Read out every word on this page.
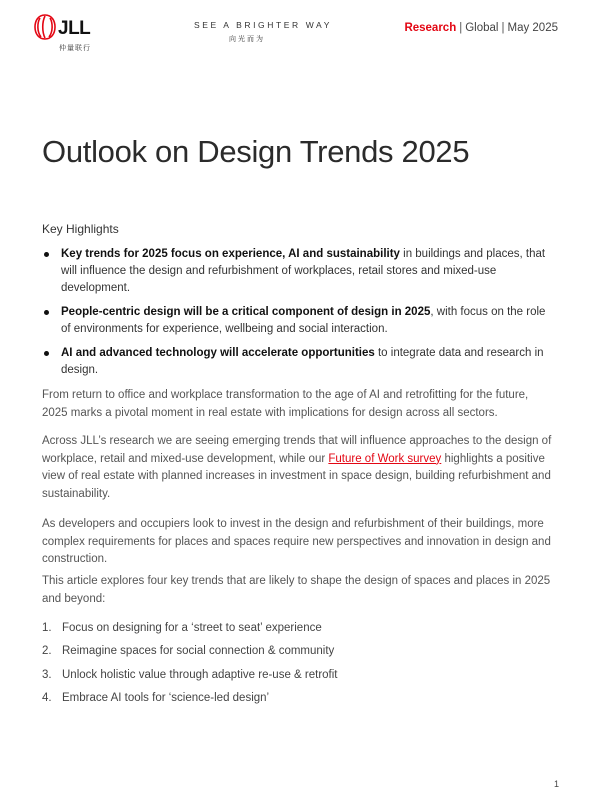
JLL
仲量联行
SEE A BRIGHTER WAY
向光而为
Research | Global | May 2025
Outlook on Design Trends 2025
Key Highlights
Key trends for 2025 focus on experience, AI and sustainability in buildings and places, that will influence the design and refurbishment of workplaces, retail stores and mixed-use development.
People-centric design will be a critical component of design in 2025, with focus on the role of environments for experience, wellbeing and social interaction.
AI and advanced technology will accelerate opportunities to integrate data and research in design.

From return to office and workplace transformation to the age of AI and retrofitting for the future, 2025 marks a pivotal moment in real estate with implications for design across all sectors.

Across JLL’s research we are seeing emerging trends that will influence approaches to the design of workplace, retail and mixed-use development, while our Future of Work survey highlights a positive view of real estate with planned increases in investment in space design, building refurbishment and sustainability.

As developers and occupiers look to invest in the design and refurbishment of their buildings, more complex requirements for places and spaces require new perspectives and innovation in design and construction.

This article explores four key trends that are likely to shape the design of spaces and places in 2025 and beyond:

1. Focus on designing for a ‘street to seat’ experience
2. Reimagine spaces for social connection & community
3. Unlock holistic value through adaptive re-use & retrofit
4. Embrace AI tools for ‘science-led design’
1
